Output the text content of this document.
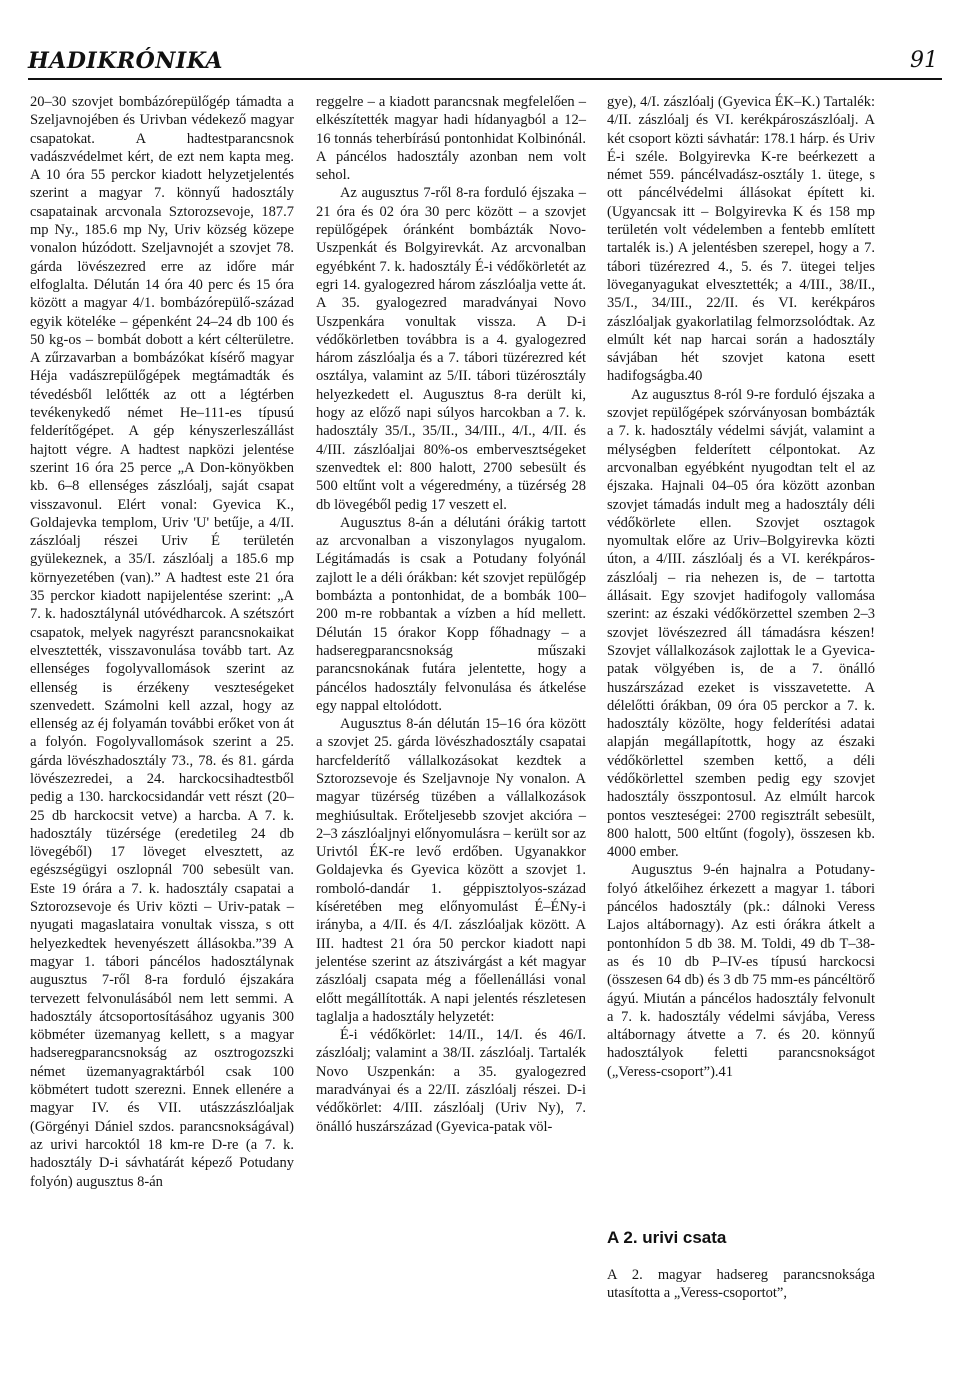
HADIKRÓNIKA	91

20–30 szovjet bombázórepülőgép támadta a Szeljavnojében és Urivban védekező magyar csapatokat. A hadtestparancsnok vadászvédelmet kért, de ezt nem kapta meg. A 10 óra 55 perckor kiadott helyzetjelentés szerint a magyar 7. könnyű hadosztály csapatainak arcvonala Sztorozsevoje, 187.7 mp Ny., 185.6 mp Ny, Uriv község közepe vonalon húzódott. Szeljavnojét a szovjet 78. gárda lövészezred erre az időre már elfoglalta. Délután 14 óra 40 perc és 15 óra között a magyar 4/1. bombázórepülő-század egyik köteléke – gépenként 24–24 db 100 és 50 kg-os – bombát dobott a kért célterületre. A zűrzavarban a bombázókat kísérő magyar Héja vadászrepülőgépek megtámadták és tévedésből lelőtték az ott a légtérben tevékenykedő német He–111-es típusú felderítőgépet. A gép kényszerleszállást hajtott végre. A hadtest napközi jelentése szerint 16 óra 25 perce „A Don-könyökben kb. 6–8 ellenséges zászlóalj, saját csapat visszavonul. Elért vonal: Gyevica K., Goldajevka templom, Uriv 'U' betűje, a 4/II. zászlóalj részei Uriv É területén gyülekeznek, a 35/I. zászlóalj a 185.6 mp környezetében (van).” A hadtest este 21 óra 35 perckor kiadott napijelentése szerint: „A 7. k. hadosztálynál utóvédharcok. A szétszórt csapatok, melyek nagyrészt parancsnokaikat elvesztették, visszavonulása tovább tart. Az ellenséges fogolyvallomások szerint az ellenség is érzékeny veszteségeket szenvedett. Számolni kell azzal, hogy az ellenség az éj folyamán további erőket von át a folyón. Fogolyvallomások szerint a 25. gárda lövészhadosztály 73., 78. és 81. gárda lövészezredei, a 24. harckocsihadtestből pedig a 130. harckocsidandár vett részt (20–25 db harckocsit vetve) a harcba. A 7. k. hadosztály tüzérsége (eredetileg 24 db lövegéből) 17 löveget elvesztett, az egészségügyi oszlopnál 700 sebesült van. Este 19 órára a 7. k. hadosztály csapatai a Sztorozsevoje és Uriv közti – Uriv-patak – nyugati magaslataira vonultak vissza, s ott helyezkedtek hevenyészett állásokba.”39 A magyar 1. tábori páncélos hadosztálynak augusztus 7-ről 8-ra forduló éjszakára tervezett felvonulásából nem lett semmi. A hadosztály átcsoportosításához ugyanis 300 köbméter üzemanyag kellett, s a magyar hadseregparancsnokság az osztrogozszki német üzemanyagraktárból csak 100 köbmétert tudott szerezni. Ennek ellenére a magyar IV. és VII. utászzászlóaljak (Görgényi Dániel szdos. parancsnokságával) az urivi harcoktól 18 km-re D-re (a 7. k. hadosztály D-i sávhatárát képező Potudany folyón) augusztus 8-án

reggelre – a kiadott parancsnak megfelelően – elkészítették magyar hadi hídanyagból a 12–16 tonnás teherbírású pontonhidat Kolbinónál. A páncélos hadosztály azonban nem volt sehol.

Az augusztus 7-ről 8-ra forduló éjszaka – 21 óra és 02 óra 30 perc között – a szovjet repülőgépek óránként bombázták Novo-Uszpenkát és Bolgyirevkát. Az arcvonalban egyébként 7. k. hadosztály É-i védőkörletét az egri 14. gyalogezred három zászlóalja vette át. A 35. gyalogezred maradványai Novo Uszpenkára vonultak vissza. A D-i védőkörletben továbbra is a 4. gyalogezred három zászlóalja és a 7. tábori tüzérezred két osztálya, valamint az 5/II. tábori tüzérosztály helyezkedett el. Augusztus 8-ra derült ki, hogy az előző napi súlyos harcokban a 7. k. hadosztály 35/I., 35/II., 34/III., 4/I., 4/II. és 4/III. zászlóaljai 80%-os embervesztségeket szenvedtek el: 800 halott, 2700 sebesült és 500 eltűnt volt a végeredmény, a tüzérség 28 db lövegéből pedig 17 veszett el.

Augusztus 8-án a délutáni órákig tartott az arcvonalban a viszonylagos nyugalom. Légitámadás is csak a Potudany folyónál zajlott le a déli órákban: két szovjet repülőgép bombázta a pontonhidat, de a bombák 100–200 m-re robbantak a vízben a híd mellett. Délután 15 órakor Kopp főhadnagy – a hadseregparancsnokság műszaki parancsnokának futára jelentette, hogy a páncélos hadosztály felvonulása és átkelése egy nappal eltolódott.

Augusztus 8-án délután 15–16 óra között a szovjet 25. gárda lövészhadosztály csapatai harcfelderítő vállalkozásokat kezdtek a Sztorozsevoje és Szeljavnoje Ny vonalon. A magyar tüzérség tüzében a vállalkozások meghiúsultak. Erőteljesebb szovjet akcióra – 2–3 zászlóaljnyi előnyomulásra – került sor az Urivtól ÉK-re levő erdőben. Ugyanakkor Goldajevka és Gyevica között a szovjet 1. romboló-dandár 1. géppisztolyos-század kíséretében meg előnyomulást É–ÉNy-i irányba, a 4/II. és 4/I. zászlóaljak között. A III. hadtest 21 óra 50 perckor kiadott napi jelentése szerint az átszivárgást a két magyar zászlóalj csapata még a főellenállási vonal előtt megállították. A napi jelentés részletesen taglalja a hadosztály helyzetét:

É-i védőkörlet: 14/II., 14/I. és 46/I. zászlóalj; valamint a 38/II. zászlóalj. Tartalék Novo Uszpenkán: a 35. gyalogezred maradványai és a 22/II. zászlóalj részei. D-i védőkörlet: 4/III. zászlóalj (Uriv Ny), 7. önálló huszárszázad (Gyevica-patak völ-

gye), 4/I. zászlóalj (Gyevica ÉK–K.) Tartalék: 4/II. zászlóalj és VI. kerékpároszászlóalj. A két csoport közti sávhatár: 178.1 hárp. és Uriv É-i széle. Bolgyirevka K-re beérkezett a német 559. páncélvadász-osztály 1. ütege, s ott páncélvédelmi állásokat épített ki. (Ugyancsak itt – Bolgyirevka K és 158 mp területén volt védelemben a fentebb említett tartalék is.) A jelentésben szerepel, hogy a 7. tábori tüzérezred 4., 5. és 7. ütegei teljes löveganyagukat elvesztették; a 4/III., 38/II., 35/I., 34/III., 22/II. és VI. kerékpáros zászlóaljak gyakorlatilag felmorzsolódtak. Az elmúlt két nap harcai során a hadosztály sávjában hét szovjet katona esett hadifogságba.40

Az augusztus 8-ról 9-re forduló éjszaka a szovjet repülőgépek szórványosan bombázták a 7. k. hadosztály védelmi sávját, valamint a mélységben felderített célpontokat. Az arcvonalban egyébként nyugodtan telt el az éjszaka. Hajnali 04–05 óra között azonban szovjet támadás indult meg a hadosztály déli védőkörlete ellen. Szovjet osztagok nyomultak előre az Uriv–Bolgyirevka közti úton, a 4/III. zászlóalj és a VI. kerékpáros-zászlóalj – ria nehezen is, de – tartotta állásait. Egy szovjet hadifogoly vallomása szerint: az északi védőkörzettel szemben 2–3 szovjet lövészezred áll támadásra készen! Szovjet vállalkozások zajlottak le a Gyevica-patak völgyében is, de a 7. önálló huszárszázad ezeket is visszavetette. A délelőtti órákban, 09 óra 05 perckor a 7. k. hadosztály közölte, hogy felderítési adatai alapján megállapítottk, hogy az északi védőkörlettel szemben kettő, a déli védőkörlettel szemben pedig egy szovjet hadosztály összpontosul. Az elmúlt harcok pontos veszteségei: 2700 regisztrált sebesült, 800 halott, 500 eltűnt (fogoly), összesen kb. 4000 ember.

Augusztus 9-én hajnalra a Potudany-folyó átkelőihez érkezett a magyar 1. tábori páncélos hadosztály (pk.: dálnoki Veress Lajos altábornagy). Az esti órákra átkelt a pontonhídon 5 db 38. M. Toldi, 49 db T–38-as és 10 db P–IV-es típusú harckocsi (összesen 64 db) és 3 db 75 mm-es páncéltörő ágyú. Miután a páncélos hadosztály felvonult a 7. k. hadosztály védelmi sávjába, Veress altábornagy átvette a 7. és 20. könnyű hadosztályok feletti parancsnokságot („Veress-csoport”).41

A 2. urivi csata

A 2. magyar hadsereg parancsnoksága utasította a „Veress-csoportot”,
